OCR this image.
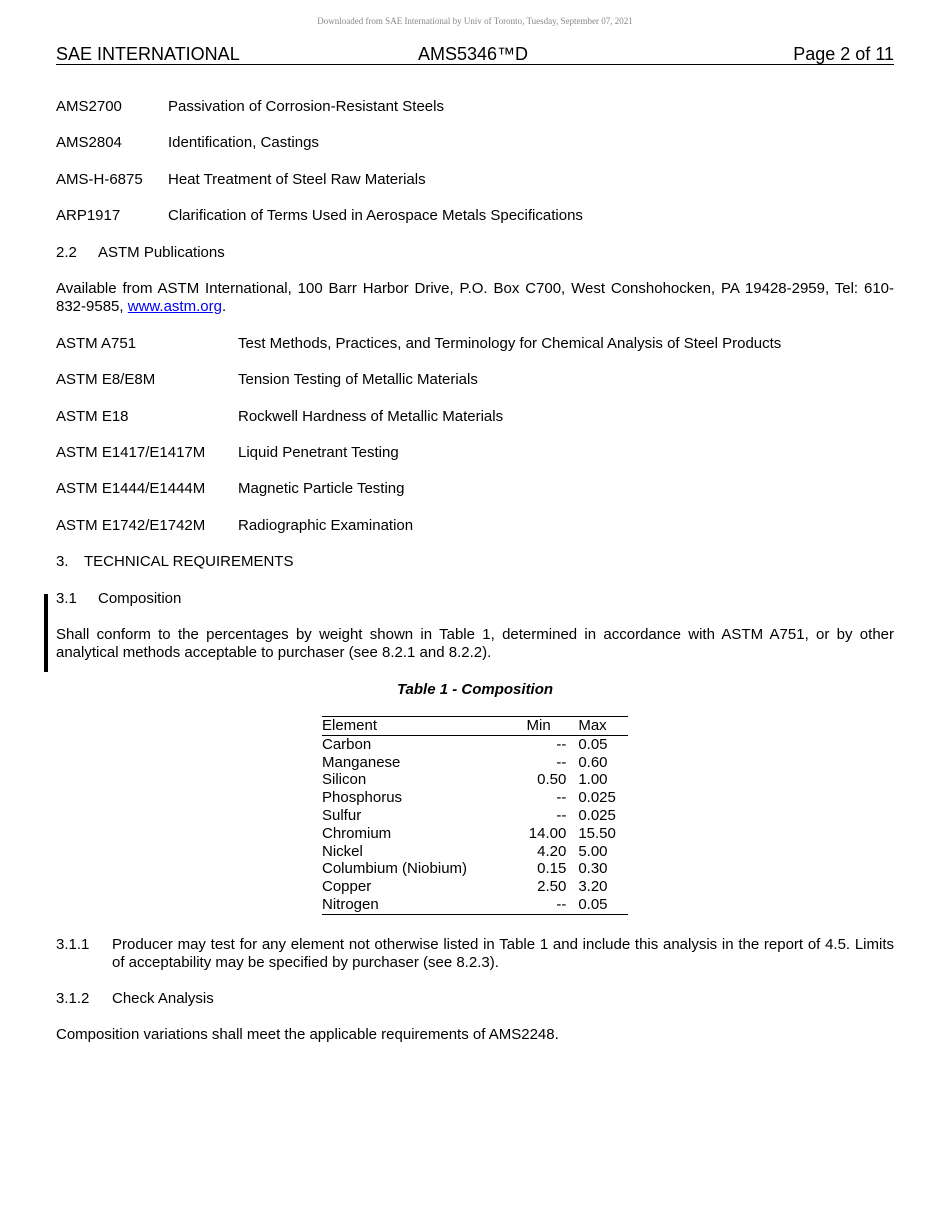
Downloaded from SAE International by Univ of Toronto, Tuesday, September 07, 2021
SAE INTERNATIONAL	AMS5346™D	Page 2 of 11
AMS2700	Passivation of Corrosion-Resistant Steels
AMS2804	Identification, Castings
AMS-H-6875 Heat Treatment of Steel Raw Materials
ARP1917	Clarification of Terms Used in Aerospace Metals Specifications
2.2 ASTM Publications
Available from ASTM International, 100 Barr Harbor Drive, P.O. Box C700, West Conshohocken, PA 19428-2959, Tel: 610-832-9585, www.astm.org.
ASTM A751	Test Methods, Practices, and Terminology for Chemical Analysis of Steel Products
ASTM E8/E8M	Tension Testing of Metallic Materials
ASTM E18	Rockwell Hardness of Metallic Materials
ASTM E1417/E1417M Liquid Penetrant Testing
ASTM E1444/E1444M Magnetic Particle Testing
ASTM E1742/E1742M Radiographic Examination
3. TECHNICAL REQUIREMENTS
3.1 Composition
Shall conform to the percentages by weight shown in Table 1, determined in accordance with ASTM A751, or by other analytical methods acceptable to purchaser (see 8.2.1 and 8.2.2).
Table 1 - Composition
Element	Min	Max
Carbon	--	0.05
Manganese	--	0.60
Silicon	0.50	1.00
Phosphorus	--	0.025
Sulfur	--	0.025
Chromium	14.00	15.50
Nickel	4.20	5.00
Columbium (Niobium)	0.15	0.30
Copper	2.50	3.20
Nitrogen	--	0.05
3.1.1 Producer may test for any element not otherwise listed in Table 1 and include this analysis in the report of 4.5. Limits of acceptability may be specified by purchaser (see 8.2.3).
3.1.2 Check Analysis
Composition variations shall meet the applicable requirements of AMS2248.
